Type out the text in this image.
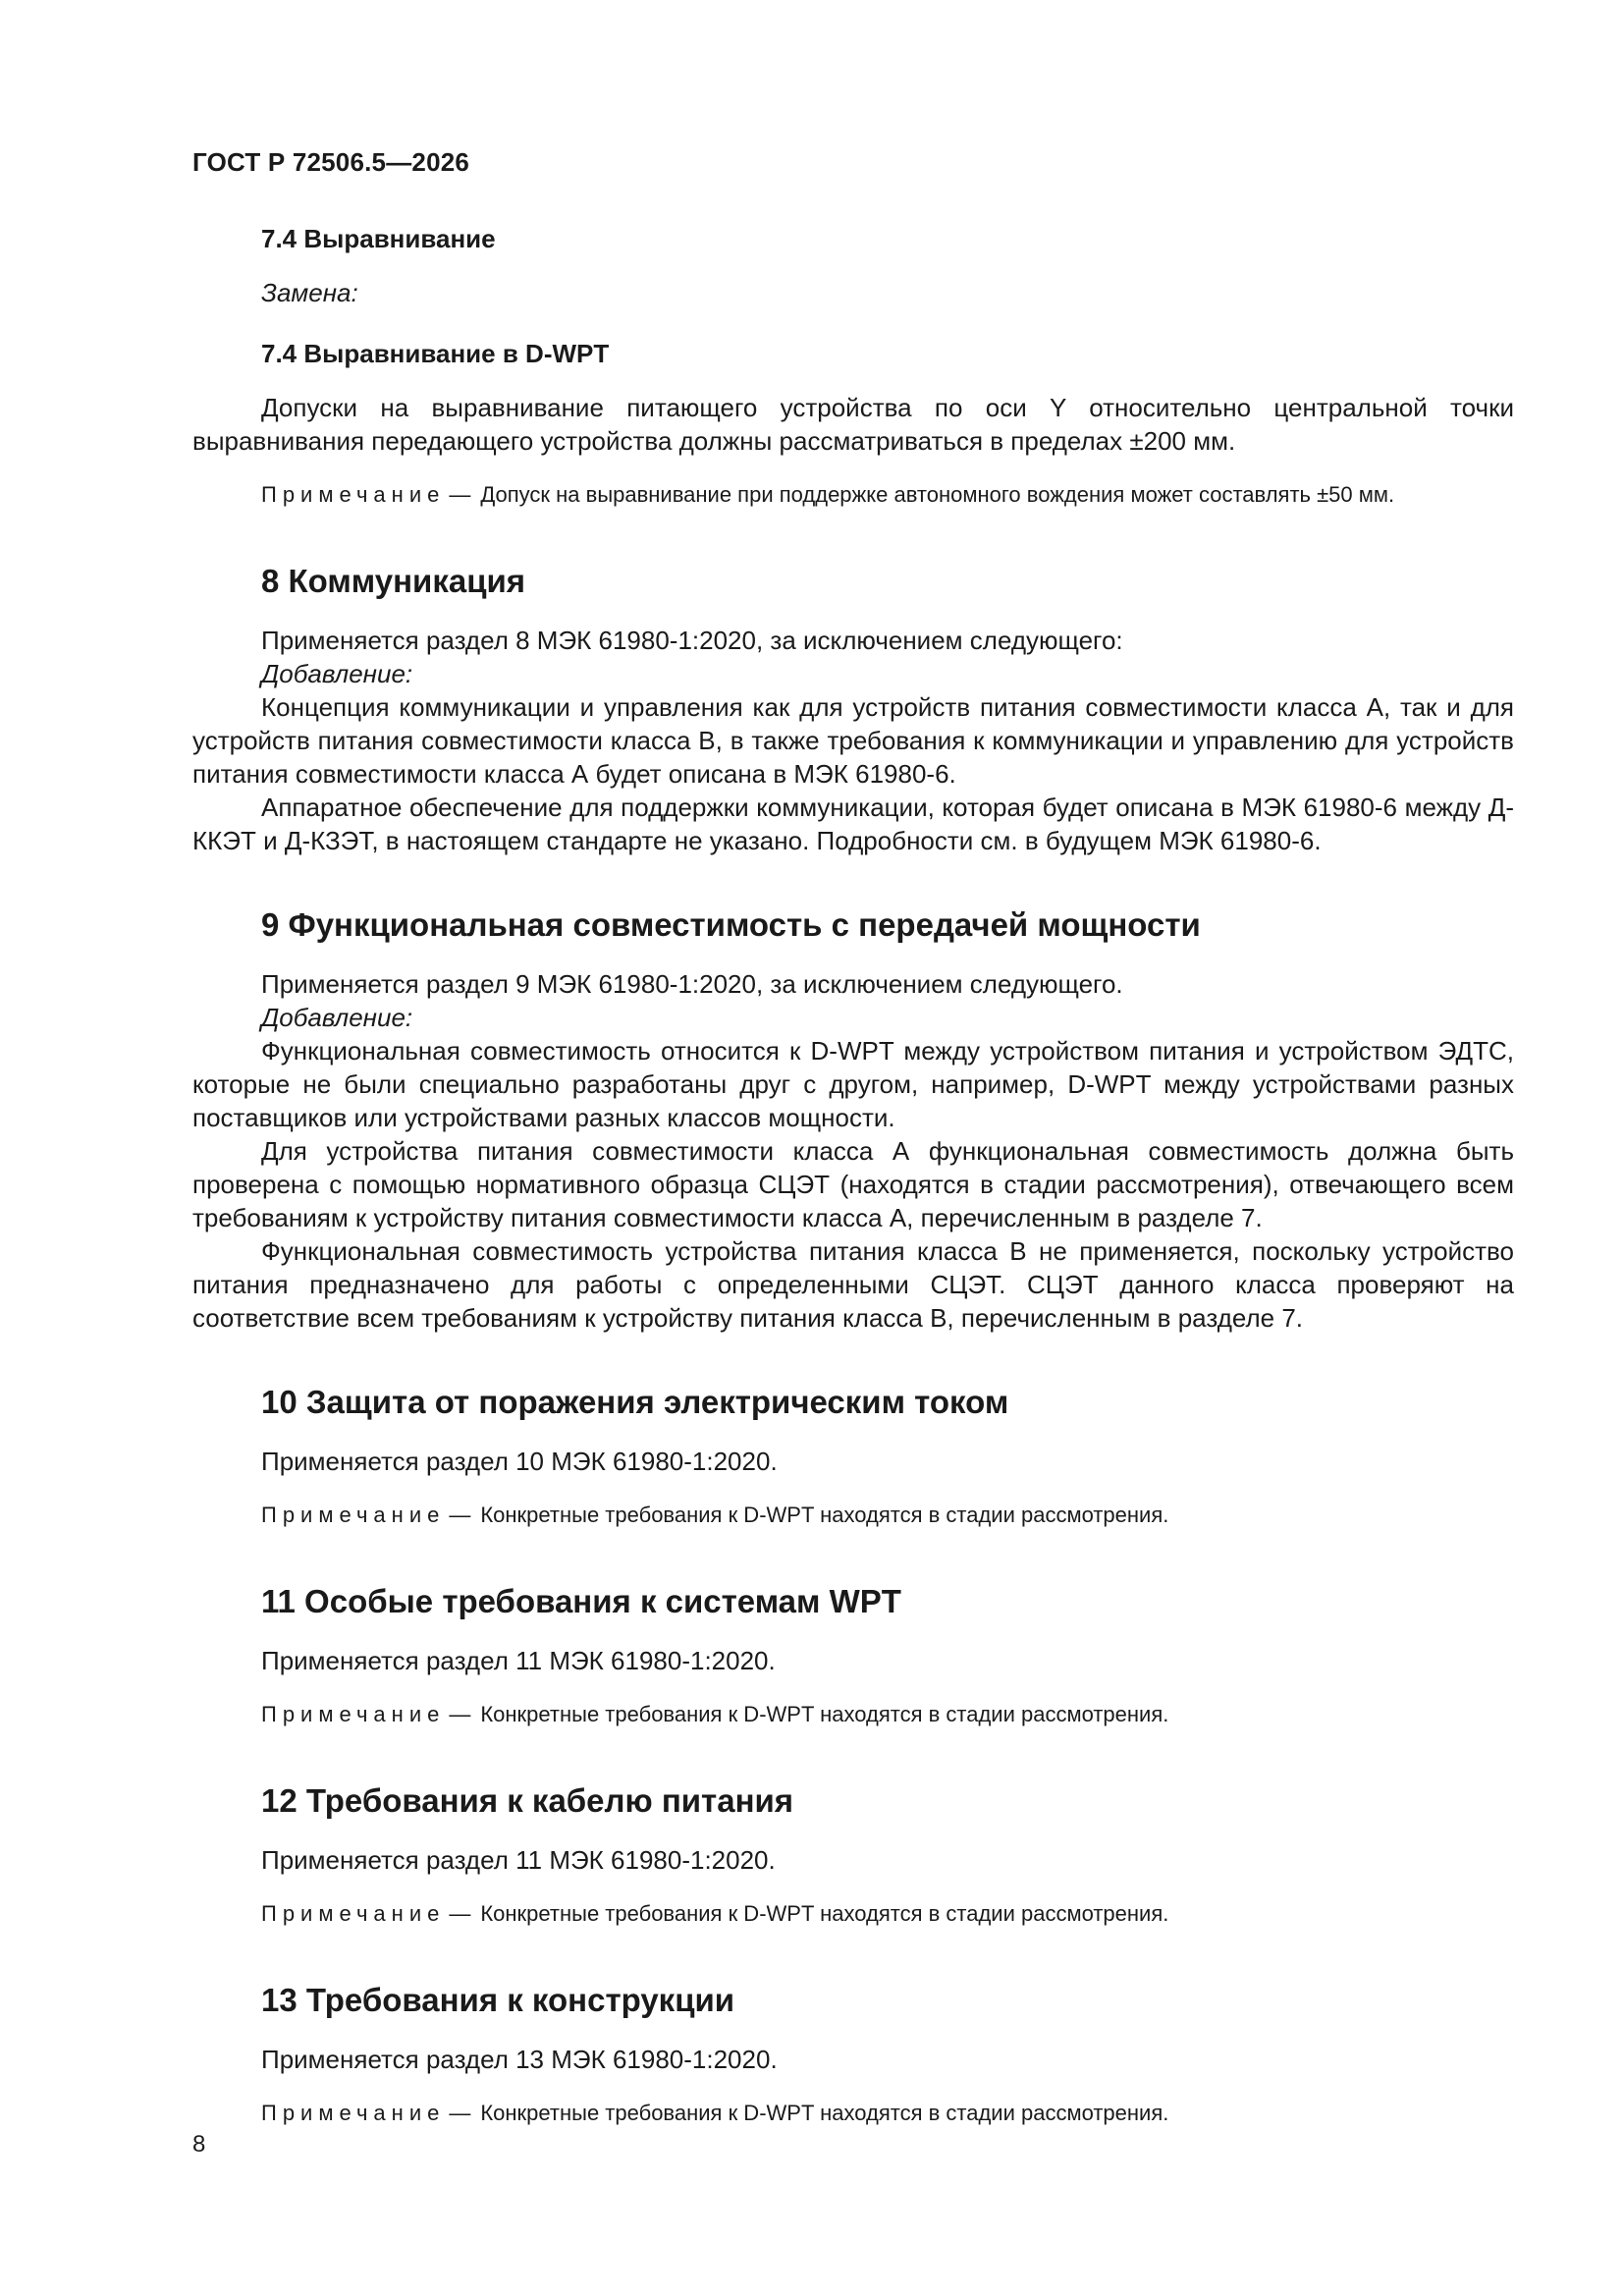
ГОСТ Р 72506.5—2026
7.4 Выравнивание
Замена:
7.4 Выравнивание в D-WPT
Допуски на выравнивание питающего устройства по оси Y относительно центральной точки выравнивания передающего устройства должны рассматриваться в пределах ±200 мм.
Примечание — Допуск на выравнивание при поддержке автономного вождения может составлять ±50 мм.
8 Коммуникация
Применяется раздел 8 МЭК 61980-1:2020, за исключением следующего:
Добавление:
Концепция коммуникации и управления как для устройств питания совместимости класса А, так и для устройств питания совместимости класса В, в также требования к коммуникации и управлению для устройств питания совместимости класса А будет описана в МЭК 61980-6.
Аппаратное обеспечение для поддержки коммуникации, которая будет описана в МЭК 61980-6 между Д-ККЭТ и Д-КЗЭТ, в настоящем стандарте не указано. Подробности см. в будущем МЭК 61980-6.
9 Функциональная совместимость с передачей мощности
Применяется раздел 9 МЭК 61980-1:2020, за исключением следующего.
Добавление:
Функциональная совместимость относится к D-WPT между устройством питания и устройством ЭДТС, которые не были специально разработаны друг с другом, например, D-WPT между устройствами разных поставщиков или устройствами разных классов мощности.
Для устройства питания совместимости класса А функциональная совместимость должна быть проверена с помощью нормативного образца СЦЭТ (находятся в стадии рассмотрения), отвечающего всем требованиям к устройству питания совместимости класса А, перечисленным в разделе 7.
Функциональная совместимость устройства питания класса В не применяется, поскольку устройство питания предназначено для работы с определенными СЦЭТ. СЦЭТ данного класса проверяют на соответствие всем требованиям к устройству питания класса В, перечисленным в разделе 7.
10 Защита от поражения электрическим током
Применяется раздел 10 МЭК 61980-1:2020.
Примечание — Конкретные требования к D-WPT находятся в стадии рассмотрения.
11 Особые требования к системам WPT
Применяется раздел 11 МЭК 61980-1:2020.
Примечание — Конкретные требования к D-WPT находятся в стадии рассмотрения.
12 Требования к кабелю питания
Применяется раздел 11 МЭК 61980-1:2020.
Примечание — Конкретные требования к D-WPT находятся в стадии рассмотрения.
13 Требования к конструкции
Применяется раздел 13 МЭК 61980-1:2020.
Примечание — Конкретные требования к D-WPT находятся в стадии рассмотрения.
8
